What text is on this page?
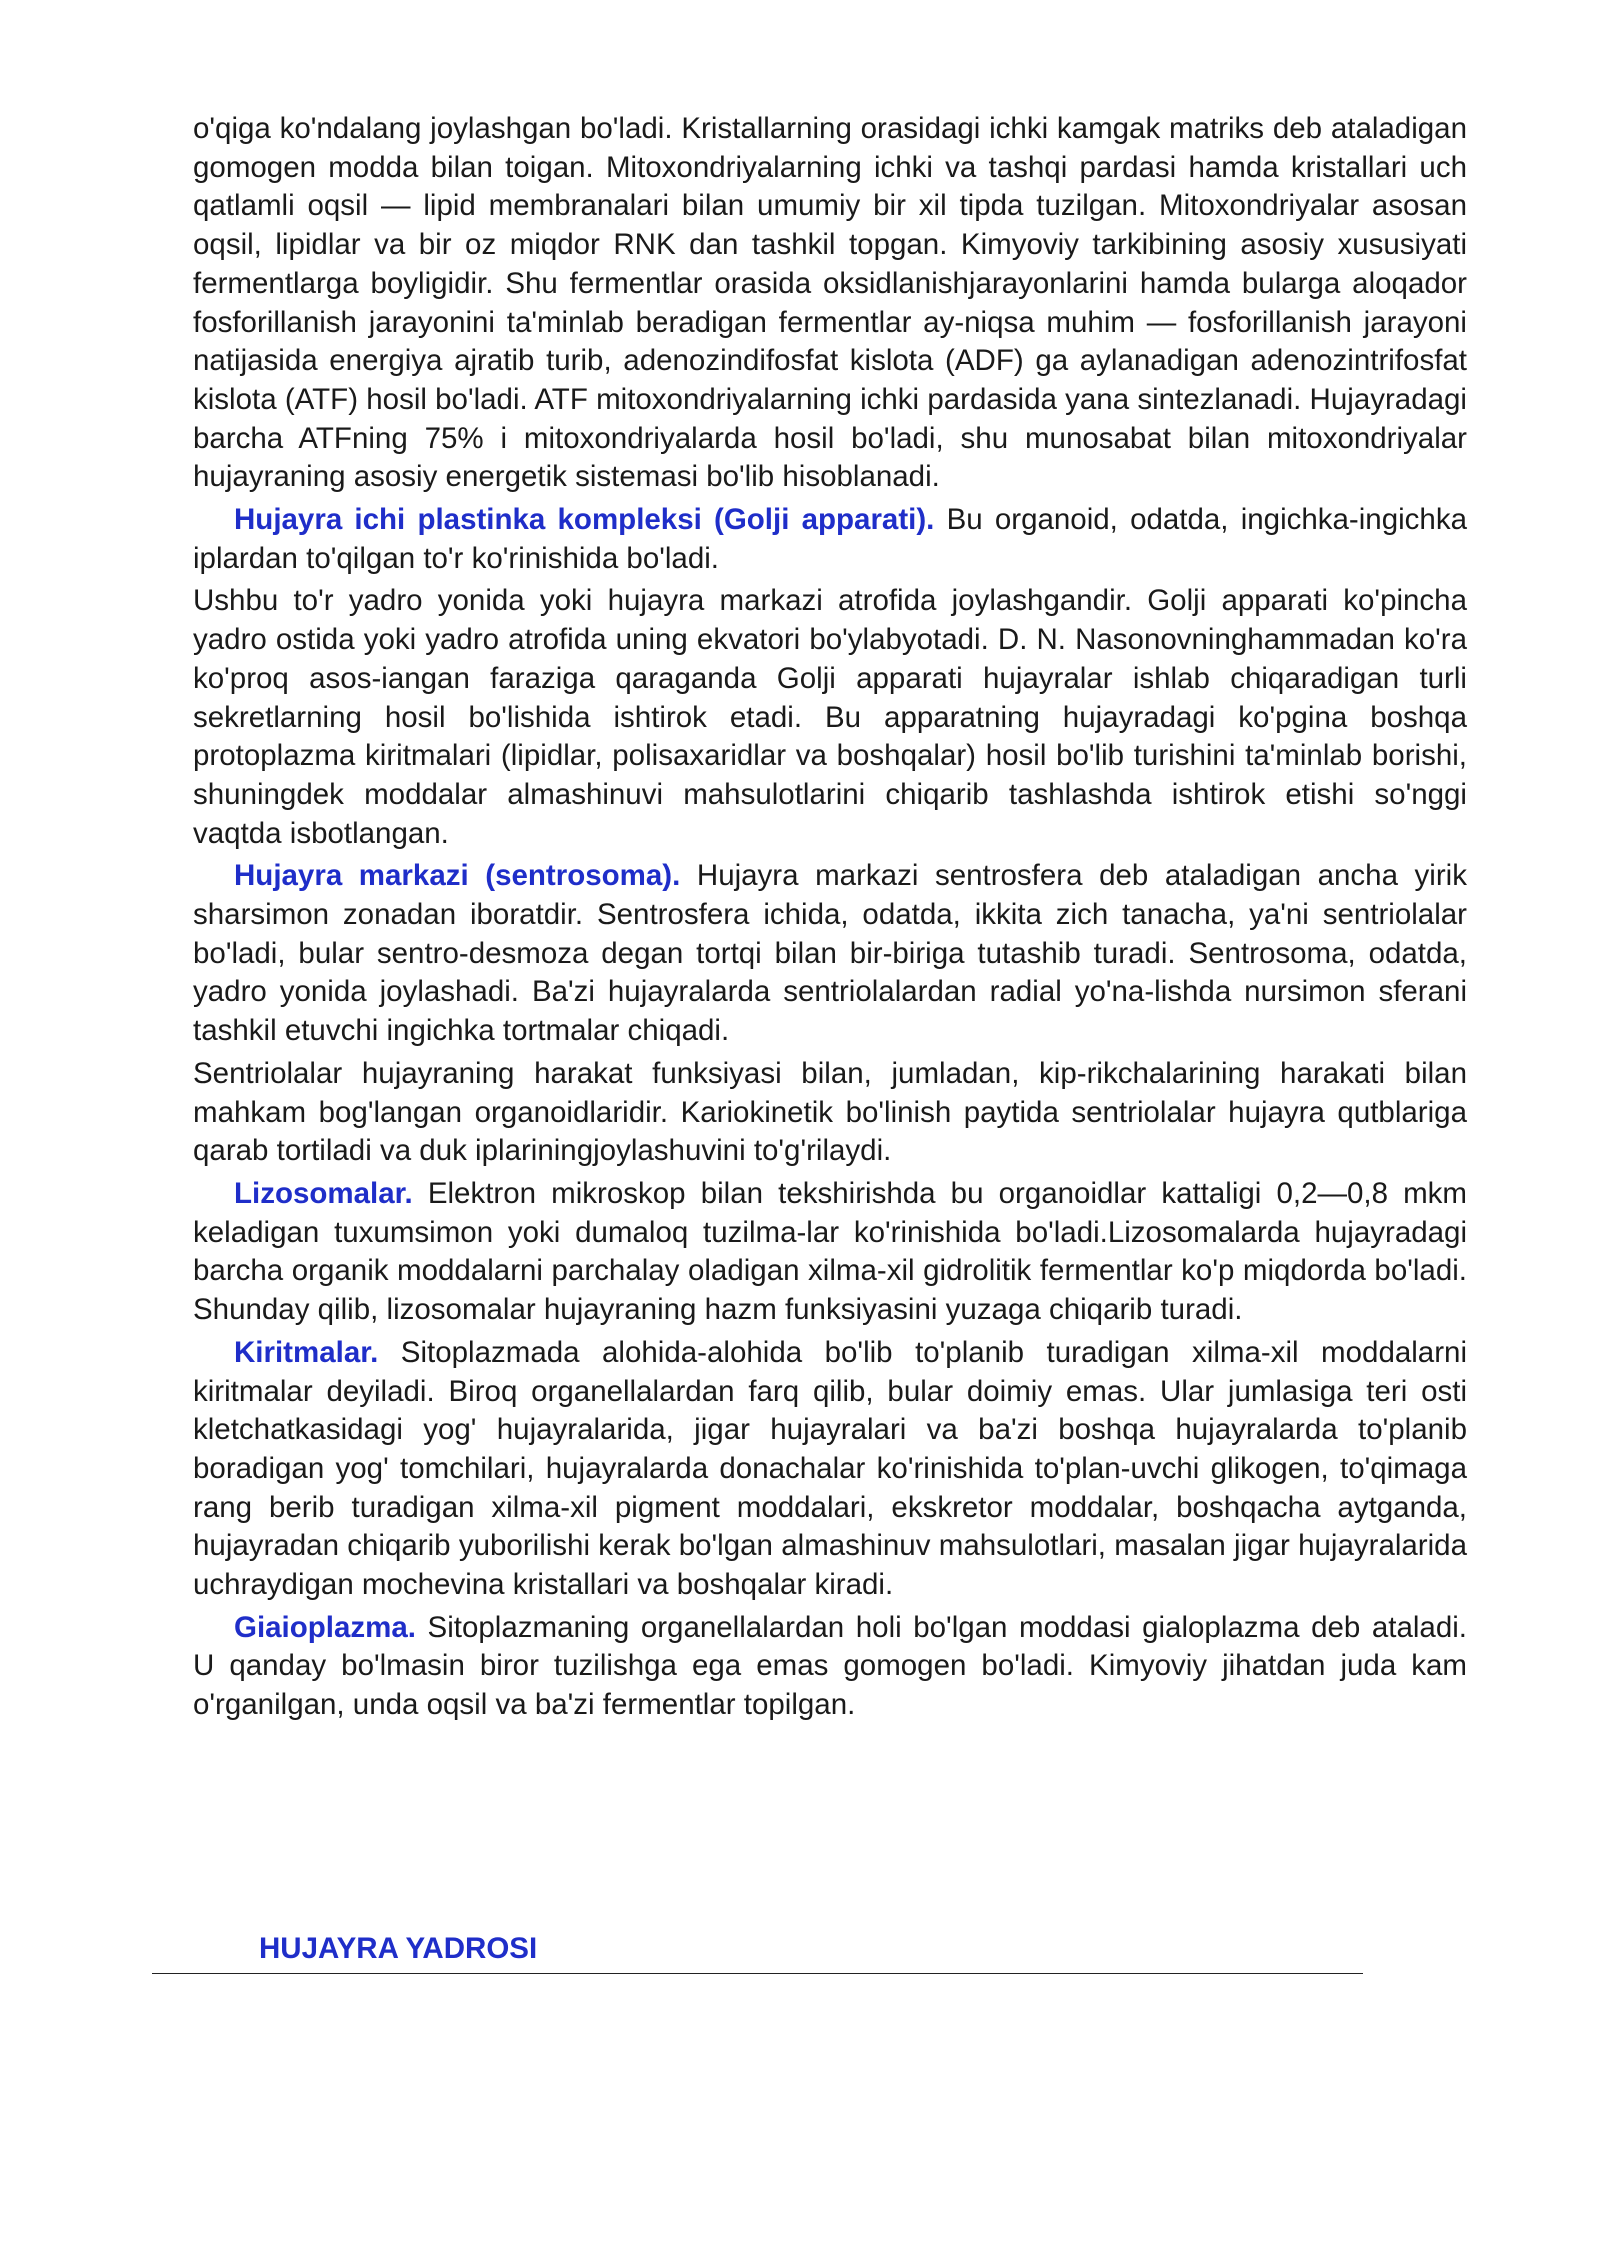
o'qiga ko'ndalang joylashgan bo'ladi. Kristallarning orasidagi ichki kamgak matriks deb ataladigan gomogen modda bilan toigan. Mitoxondriyalarning ichki va tashqi pardasi hamda kristallari uch qatlamli oqsil — lipid membranalari bilan umumiy bir xil tipda tuzilgan. Mitoxondriyalar asosan oqsil, lipidlar va bir oz miqdor RNK dan tashkil topgan. Kimyoviy tarkibining asosiy xususiyati fermentlarga boyligidir. Shu fermentlar orasida oksidlanishjarayonlarini hamda bularga aloqador fosforillanish jarayonini ta'minlab beradigan fermentlar ay-niqsa muhim — fosforillanish jarayoni natijasida energiya ajratib turib, adenozindifosfat kislota (ADF) ga aylanadigan adenozintrifosfat kislota (ATF) hosil bo'ladi. ATF mitoxondriyalarning ichki pardasida yana sintezlanadi. Hujayradagi barcha ATFning 75% i mitoxondriyalarda hosil bo'ladi, shu munosabat bilan mitoxondriyalar hujayraning asosiy energetik sistemasi bo'lib hisoblanadi.

Hujayra ichi plastinka kompleksi (Golji apparati). Bu organoid, odatda, ingichka-ingichka iplardan to'qilgan to'r ko'rinishida bo'ladi.

Ushbu to'r yadro yonida yoki hujayra markazi atrofida joylashgandir. Golji apparati ko'pincha yadro ostida yoki yadro atrofida uning ekvatori bo'ylabyotadi. D. N. Nasonovninghammadan ko'ra ko'proq asos-iangan faraziga qaraganda Golji apparati hujayralar ishlab chiqaradigan turli sekretlarning hosil bo'lishida ishtirok etadi. Bu apparatning hujayradagi ko'pgina boshqa protoplazma kiritmalari (lipidlar, polisaxaridlar va boshqalar) hosil bo'lib turishini ta'minlab borishi, shuningdek moddalar almashinuvi mahsulotlarini chiqarib tashlashda ishtirok etishi so'nggi vaqtda isbotlangan.

Hujayra markazi (sentrosoma). Hujayra markazi sentrosfera deb ataladigan ancha yirik sharsimon zonadan iboratdir. Sentrosfera ichida, odatda, ikkita zich tanacha, ya'ni sentriolalar bo'ladi, bular sentro-desmoza degan tortqi bilan bir-biriga tutashib turadi. Sentrosoma, odatda, yadro yonida joylashadi. Ba'zi hujayralarda sentriolalardan radial yo'na-lishda nursimon sferani tashkil etuvchi ingichka tortmalar chiqadi.

Sentriolalar hujayraning harakat funksiyasi bilan, jumladan, kip-rikchalarining harakati bilan mahkam bog'langan organoidlaridir. Kariokinetik bo'linish paytida sentriolalar hujayra qutblariga qarab tortiladi va duk iplariningjoylashuvini to'g'rilaydi.

Lizosomalar. Elektron mikroskop bilan tekshirishda bu organoidlar kattaligi 0,2—0,8 mkm keladigan tuxumsimon yoki dumaloq tuzilma-lar ko'rinishida bo'ladi.Lizosomalarda hujayradagi barcha organik moddalarni parchalay oladigan xilma-xil gidrolitik fermentlar ko'p miqdorda bo'ladi. Shunday qilib, lizosomalar hujayraning hazm funksiyasini yuzaga chiqarib turadi.

Kiritmalar. Sitoplazmada alohida-alohida bo'lib to'planib turadigan xilma-xil moddalarni kiritmalar deyiladi. Biroq organellalardan farq qilib, bular doimiy emas. Ular jumlasiga teri osti kletchatkasidagi yog' hujayralarida, jigar hujayralari va ba'zi boshqa hujayralarda to'planib boradigan yog' tomchilari, hujayralarda donachalar ko'rinishida to'plan-uvchi glikogen, to'qimaga rang berib turadigan xilma-xil pigment moddalari, ekskretor moddalar, boshqacha aytganda, hujayradan chiqarib yuborilishi kerak bo'lgan almashinuv mahsulotlari, masalan jigar hujayralarida uchraydigan mochevina kristallari va boshqalar kiradi.

Giaioplazma. Sitoplazmaning organellalardan holi bo'lgan moddasi gialoplazma deb ataladi. U qanday bo'lmasin biror tuzilishga ega emas gomogen bo'ladi. Kimyoviy jihatdan juda kam o'rganilgan, unda oqsil va ba'zi fermentlar topilgan.

HUJAYRA YADROSI
